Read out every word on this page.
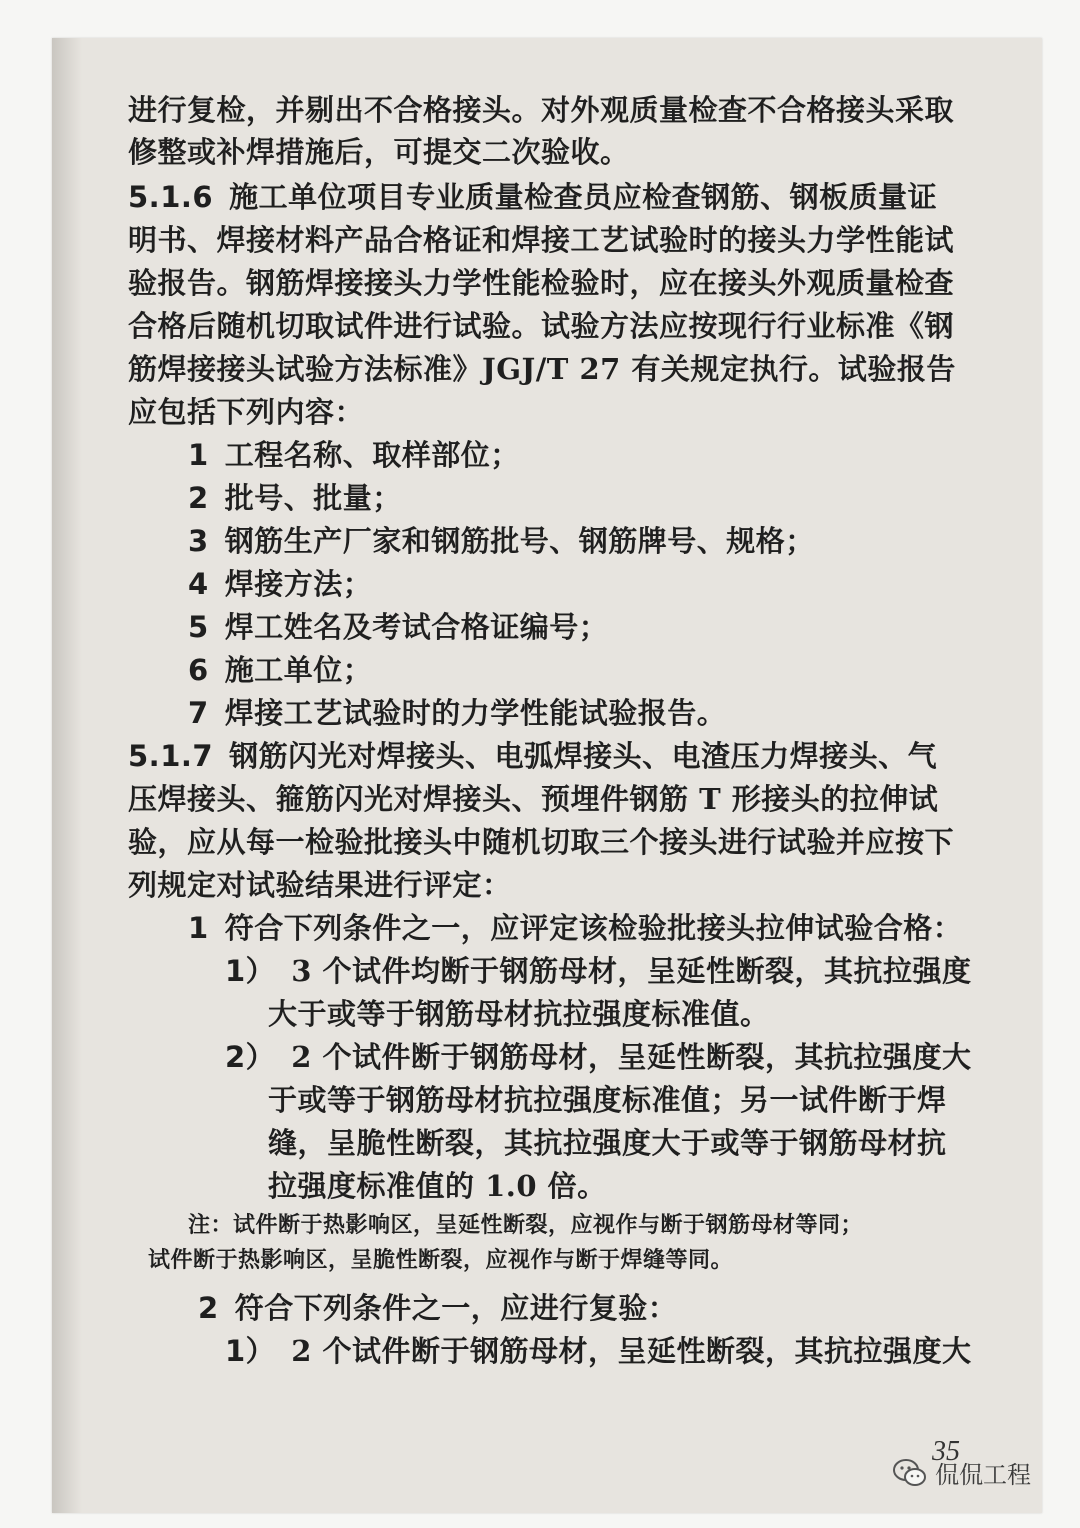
进行复检，并剔出不合格接头。对外观质量检查不合格接头采取
修整或补焊措施后，可提交二次验收。
5.1.6 施工单位项目专业质量检查员应检查钢筋、钢板质量证
明书、焊接材料产品合格证和焊接工艺试验时的接头力学性能试
验报告。钢筋焊接接头力学性能检验时，应在接头外观质量检查
合格后随机切取试件进行试验。试验方法应按现行行业标准《钢
筋焊接接头试验方法标准》JGJ/T 27 有关规定执行。试验报告
应包括下列内容：
1 工程名称、取样部位；
2 批号、批量；
3 钢筋生产厂家和钢筋批号、钢筋牌号、规格；
4 焊接方法；
5 焊工姓名及考试合格证编号；
6 施工单位；
7 焊接工艺试验时的力学性能试验报告。
5.1.7 钢筋闪光对焊接头、电弧焊接头、电渣压力焊接头、气
压焊接头、箍筋闪光对焊接头、预埋件钢筋 T 形接头的拉伸试
验，应从每一检验批接头中随机切取三个接头进行试验并应按下
列规定对试验结果进行评定：
1 符合下列条件之一，应评定该检验批接头拉伸试验合格：
1） 3 个试件均断于钢筋母材，呈延性断裂，其抗拉强度
大于或等于钢筋母材抗拉强度标准值。
2） 2 个试件断于钢筋母材，呈延性断裂，其抗拉强度大
于或等于钢筋母材抗拉强度标准值；另一试件断于焊
缝，呈脆性断裂，其抗拉强度大于或等于钢筋母材抗
拉强度标准值的 1.0 倍。
注：试件断于热影响区，呈延性断裂，应视作与断于钢筋母材等同；
试件断于热影响区，呈脆性断裂，应视作与断于焊缝等同。
2 符合下列条件之一，应进行复验：
1） 2 个试件断于钢筋母材，呈延性断裂，其抗拉强度大
35
侃侃工程
